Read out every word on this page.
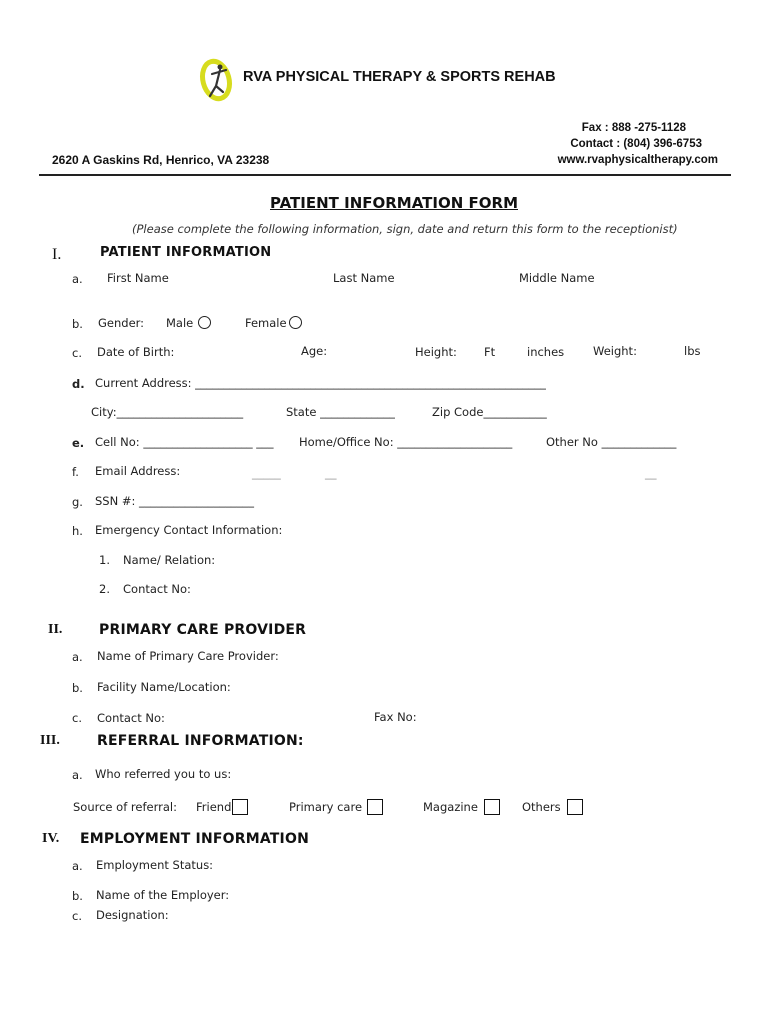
RVA PHYSICAL THERAPY & SPORTS REHAB
Fax : 888 -275-1128
Contact : (804) 396-6753
www.rvaphysicaltherapy.com
2620 A Gaskins Rd, Henrico, VA 23238
PATIENT INFORMATION FORM
(Please complete the following information, sign, date and return this form to the receptionist)
I.	PATIENT INFORMATION
a. First Name	Last Name	Middle Name
b. Gender: Male	Female
c. Date of Birth:	Age:	Height: Ft	inches	Weight:	lbs
d. Current Address: _____________________________________________________________
City:______________________	State _____________	Zip Code___________
e. Cell No: ___________________ ___ Home/Office No: ____________________	Other No _____________
f. Email Address:	_____	__	__
g. SSN #: ____________________
h. Emergency Contact Information:
1. Name/ Relation:
2. Contact No:
II.	PRIMARY CARE PROVIDER
a. Name of Primary Care Provider:
b. Facility Name/Location:
c. Contact No:	Fax No:
III.	REFERRAL INFORMATION:
a. Who referred you to us:
Source of referral: Friend	Primary care	Magazine	Others
IV. EMPLOYMENT INFORMATION
a. Employment Status:
b. Name of the Employer:
c. Designation:
